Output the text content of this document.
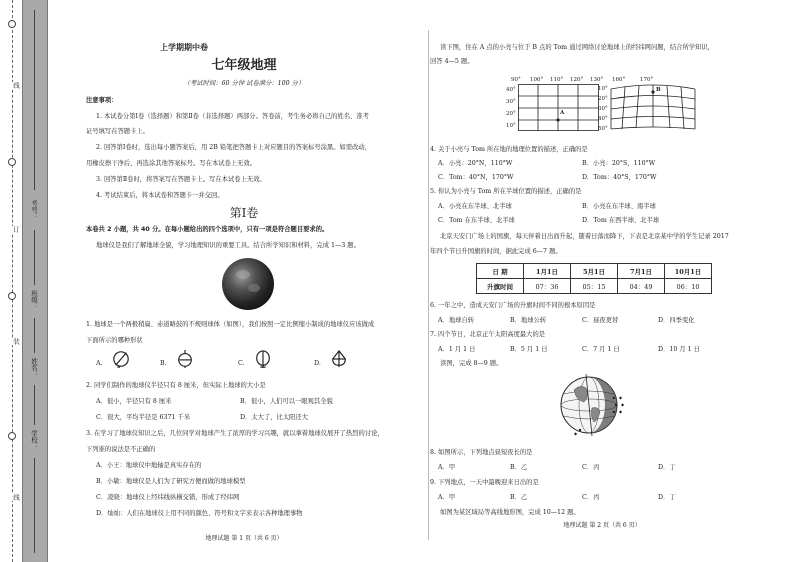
线
订
装
线
考号：
班级：
姓名：
学校：
上学期期中卷
七年级地理
（考试时间：60 分钟 试卷满分：100 分）
注意事项：
1. 本试卷分第Ⅰ卷（选择题）和第Ⅱ卷（非选择题）两部分。答卷前，考生务必将自己的姓名、准考
证号填写在答题卡上。
2. 回答第Ⅰ卷时，选出每小题答案后，用 2B 铅笔把答题卡上对应题目的答案标号涂黑。如需改动，
用橡皮擦干净后，再选涂其他答案标号。写在本试卷上无效。
3. 回答第Ⅱ卷时，将答案写在答题卡上。写在本试卷上无效。
4. 考试结束后，将本试卷和答题卡一并交回。
第Ⅰ卷
本卷共 2 小题，共 40 分。在每小题给出的四个选项中，只有一项是符合题目要求的。
地球仪是我们了解地球全貌，学习地理知识的重要工具。结合所学知识和材料，完成 1—3 题。
1. 地球是一个两极稍扁、赤道略鼓的不规则球体（如图），我们按照一定比例缩小制成的地球仪应该做成
下面所示的哪种形状
A.	B.	C.	D.
2. 同学们制作的地球仪半径只有 8 厘米，但实际上地球的大小是
A．很小，半径只有 8 厘米	B．很小，人们可以一眼观其全貌
C．很大，平均半径是 6371 千米	D．太大了，比太阳还大
3. 在学习了地球仪知识之后，几位同学对地球产生了浓厚的学习兴趣，就以拿着地球仪展开了热烈的讨论，
下列谁的说法是不正确的
A．小王：地球仪中地轴是真实存在的
B．小敏：地球仪是人们为了研究方便而做的地球模型
C．凌晓：地球仪上经纬线纵横交错，形成了经纬网
D．灿灿：人们在地球仪上用不同的颜色、符号和文字来表示各种地理事物
地理试题 第 1 页（共 6 页）
读下图，住在 A 点的小亮与位于 B 点的 Tom 通过网络讨论地球上的经纬网问题，结合所学知识，
回答 4—5 题。
90° 100° 110° 120° 130°
40°
30°
20°
10°
A
160°	170°
10°
20°
30°
40°
50°
B
4. 关于小亮与 Tom 所在地的地理位置的描述，正确的是
A．小亮：20°N，110°W	B．小亮：20°S，110°W
C．Tom：40°N，170°W	D．Tom：40°S，170°W
5. 你认为小亮与 Tom 所在半球位置的描述，正确的是
A．小亮在东半球、北半球	B．小亮在东半球、南半球
C．Tom 在东半球、北半球	D．Tom 在西半球、北半球
北京天安门广场上的国旗，每天伴着日出而升起，随着日落而降下，下表是北京某中学的学生记录 2017
年四个节日升国旗的时间，据此完成 6—7 题。
日 期	1月1日	5月1日	7月1日	10月1日
升旗时间	07：36	05：15	04：49	06：10
6. 一年之中，造成天安门广场的升旗时间不同的根本原因是
A．地球自转	B．地球公转	C．昼夜更替	D．四季变化
7. 四个节日，北京正午太阳高度最大的是
A．1 月 1 日	B．5 月 1 日	C．7 月 1 日	D．10 月 1 日
读图，完成 8—9 题。
◆
◆
◆
◆
8. 如图所示，下列地点昼短夜长的是
A．甲	B．乙	C．丙	D．丁
9. 下列地点，一天中最晚迎来日出的是
A．甲	B．乙	C．丙	D．丁
如图为某区域局等高线地形图，完成 10—12 题。
地理试题 第 2 页（共 6 页）
